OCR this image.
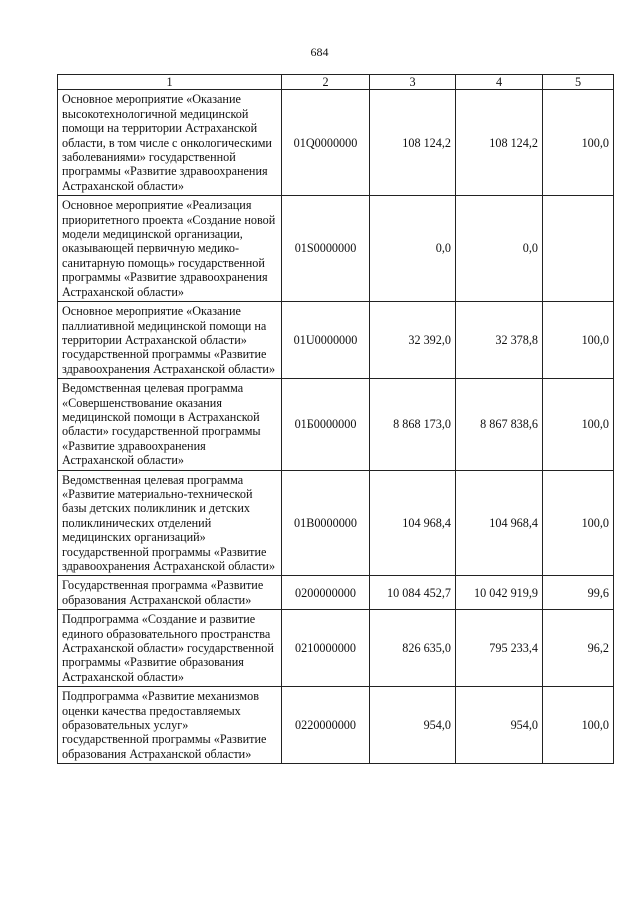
684
1	2	3	4	5
Основное мероприятие «Оказание высокотехнологичной медицинской помощи на территории Астраханской области, в том числе с онкологическими заболеваниями» государственной программы «Развитие здравоохранения Астраханской области»	01Q0000000	108 124,2	108 124,2	100,0
Основное мероприятие «Реализация приоритетного проекта «Создание новой модели медицинской организации, оказывающей первичную медико-санитарную помощь» государственной программы «Развитие здравоохранения Астраханской области»	01S0000000	0,0	0,0	
Основное мероприятие «Оказание паллиативной медицинской помощи на территории Астраханской области» государственной программы «Развитие здравоохранения Астраханской области»	01U0000000	32 392,0	32 378,8	100,0
Ведомственная целевая программа «Совершенствование оказания медицинской помощи в Астраханской области» государственной программы «Развитие здравоохранения Астраханской области»	01Б0000000	8 868 173,0	8 867 838,6	100,0
Ведомственная целевая программа «Развитие материально-технической базы детских поликлиник и детских поликлинических отделений медицинских организаций» государственной программы «Развитие здравоохранения Астраханской области»	01В0000000	104 968,4	104 968,4	100,0
Государственная программа «Развитие образования Астраханской области»	0200000000	10 084 452,7	10 042 919,9	99,6
Подпрограмма «Создание и развитие единого образовательного пространства Астраханской области» государственной программы «Развитие образования Астраханской области»	0210000000	826 635,0	795 233,4	96,2
Подпрограмма «Развитие механизмов оценки качества предоставляемых образовательных услуг» государственной программы «Развитие образования Астраханской области»	0220000000	954,0	954,0	100,0
